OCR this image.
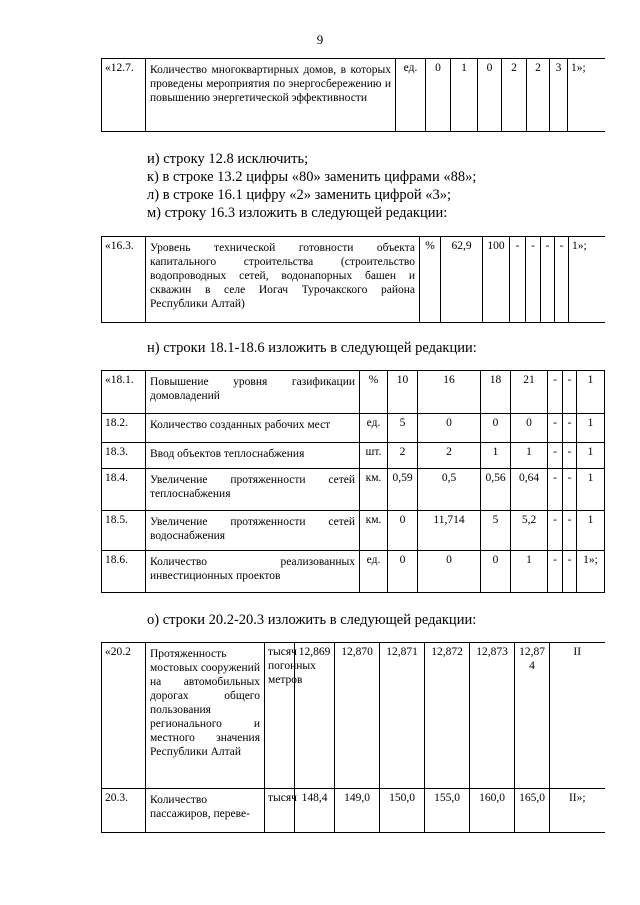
9
«12.7.	Количество многоквартирных домов, в которых проведены мероприятия по энергосбережению и повышению энергетической эффективности	ед.	0	1	0	2	2	3	1»;
и) строку 12.8 исключить;
к) в строке 13.2 цифры «80» заменить цифрами «88»;
л) в строке 16.1 цифру «2» заменить цифрой «3»;
м) строку 16.3 изложить в следующей редакции:
«16.3.	Уровень технической готовности объекта капитального строительства (строительство водопроводных сетей, водонапорных башен и скважин в селе Иогач Турочакского района Республики Алтай)	%	62,9	100	-	-	-	-	1»;
н) строки 18.1-18.6 изложить в следующей редакции:
«18.1.	Повышение уровня газификации домовладений	%	10	16	18	21	-	-	1
18.2.	Количество созданных рабочих мест	ед.	5	0	0	0	-	-	1
18.3.	Ввод объектов теплоснабжения	шт.	2	2	1	1	-	-	1
18.4.	Увеличение протяженности сетей теплоснабжения	км.	0,59	0,5	0,56	0,64	-	-	1
18.5.	Увеличение протяженности сетей водоснабжения	км.	0	11,714	5	5,2	-	-	1
18.6.	Количество реализованных инвестиционных проектов	ед.	0	0	0	1	-	-	1»;
о) строки 20.2-20.3 изложить в следующей редакции:
«20.2	Протяженность мостовых сооружений на автомобильных дорогах общего пользования регионального и местного значения Республики Алтай	тысяч погонных метров	12,869	12,870	12,871	12,872	12,873	12,874	II
20.3.	Количество пассажиров, переве-	тысяч	148,4	149,0	150,0	155,0	160,0	165,0	II»;
